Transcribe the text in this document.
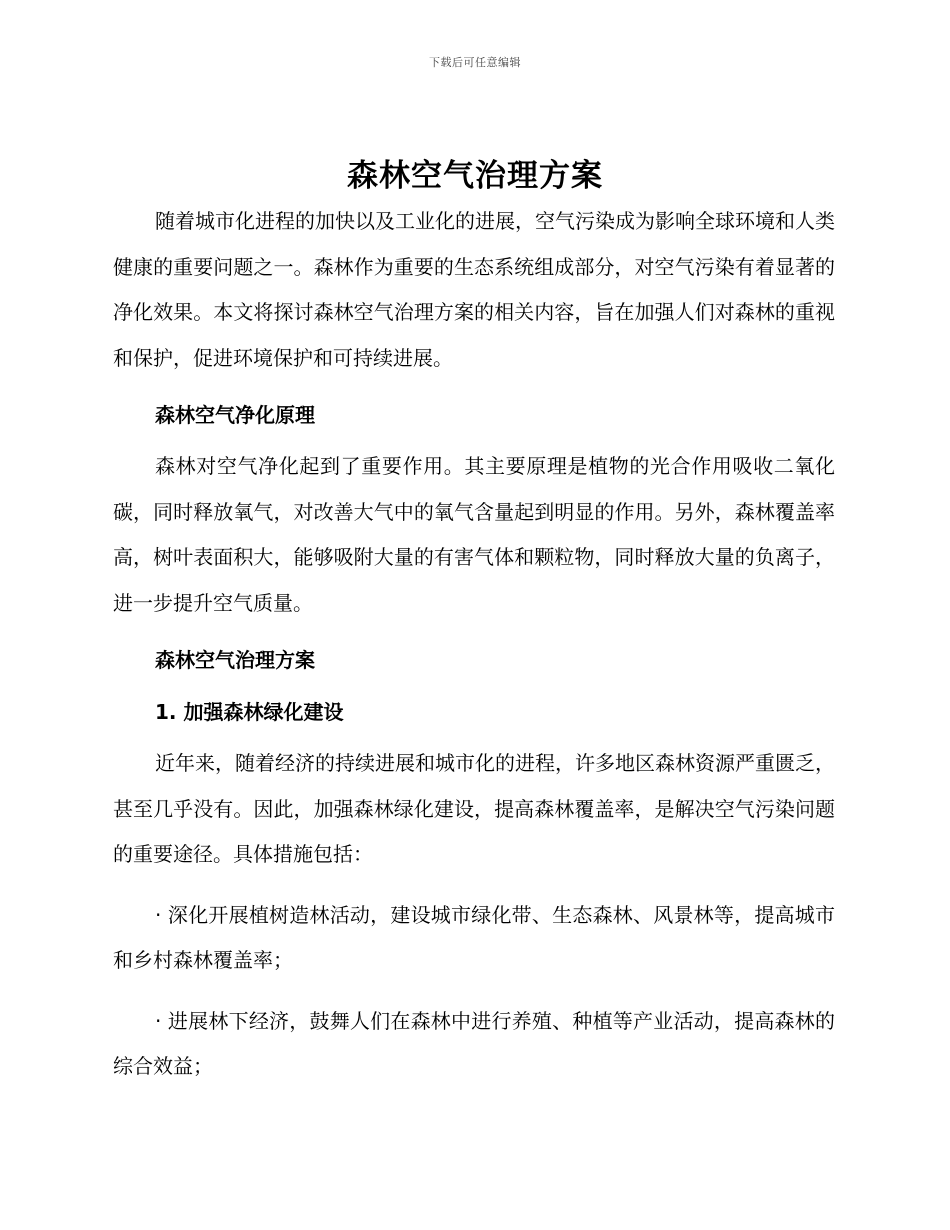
下载后可任意编辑
森林空气治理方案

随着城市化进程的加快以及工业化的进展，空气污染成为影响全球环境和人类健康的重要问题之一。森林作为重要的生态系统组成部分，对空气污染有着显著的净化效果。本文将探讨森林空气治理方案的相关内容，旨在加强人们对森林的重视和保护，促进环境保护和可持续进展。

森林空气净化原理

森林对空气净化起到了重要作用。其主要原理是植物的光合作用吸收二氧化碳，同时释放氧气，对改善大气中的氧气含量起到明显的作用。另外，森林覆盖率高，树叶表面积大，能够吸附大量的有害气体和颗粒物，同时释放大量的负离子，进一步提升空气质量。

森林空气治理方案

1. 加强森林绿化建设

近年来，随着经济的持续进展和城市化的进程，许多地区森林资源严重匮乏，甚至几乎没有。因此，加强森林绿化建设，提高森林覆盖率，是解决空气污染问题的重要途径。具体措施包括：

· 深化开展植树造林活动，建设城市绿化带、生态森林、风景林等，提高城市和乡村森林覆盖率；

· 进展林下经济，鼓舞人们在森林中进行养殖、种植等产业活动，提高森林的综合效益；
